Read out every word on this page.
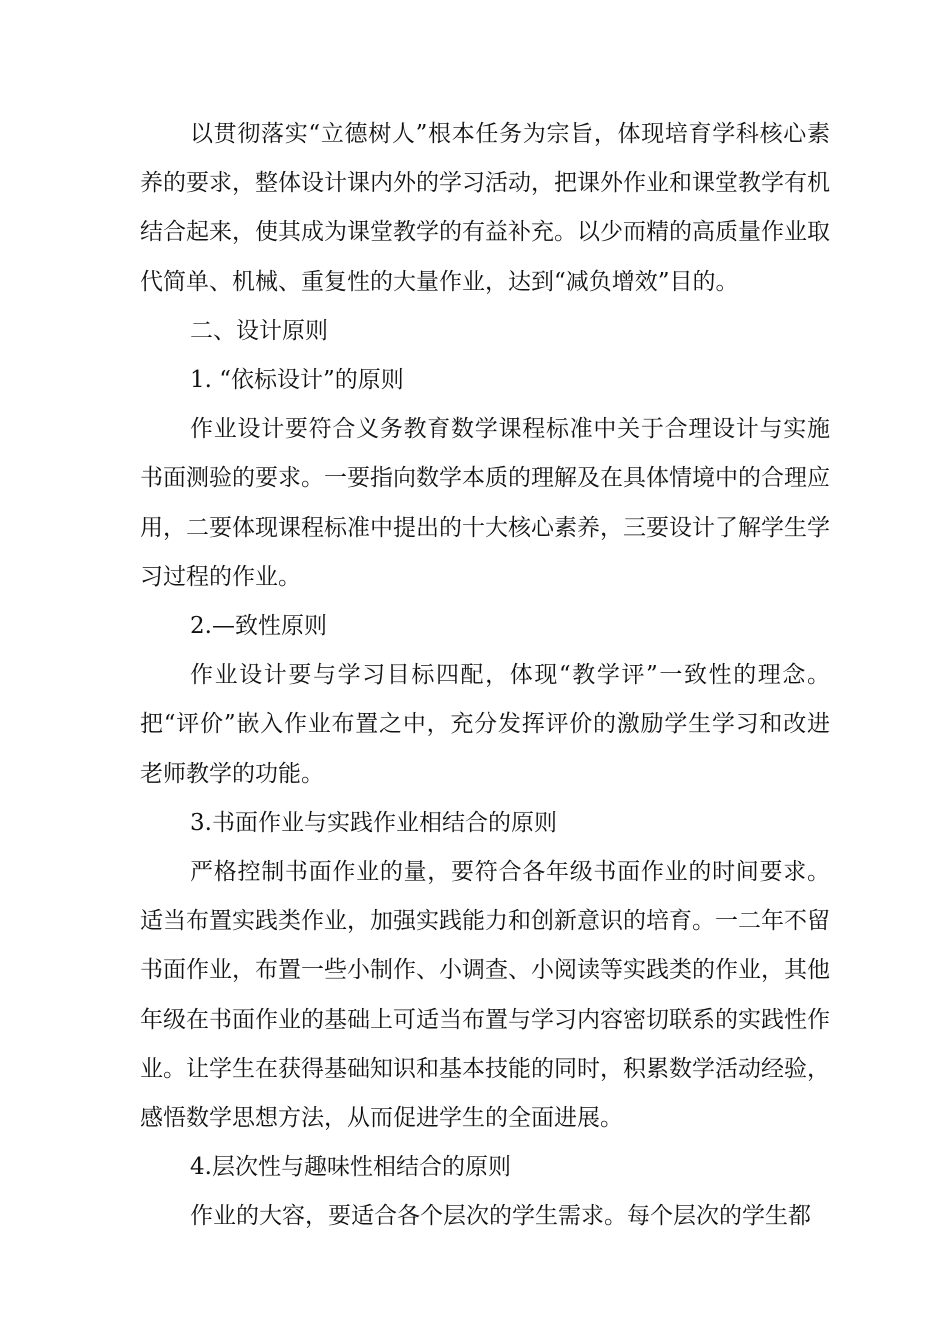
以贯彻落实“立德树人”根本任务为宗旨，体现培育学科核心素养的要求，整体设计课内外的学习活动，把课外作业和课堂教学有机结合起来，使其成为课堂教学的有益补充。以少而精的高质量作业取代简单、机械、重复性的大量作业，达到“减负增效”目的。

二、设计原则

1. “依标设计”的原则

作业设计要符合义务教育数学课程标准中关于合理设计与实施书面测验的要求。一要指向数学本质的理解及在具体情境中的合理应用，二要体现课程标准中提出的十大核心素养，三要设计了解学生学习过程的作业。

2.—致性原则

作业设计要与学习目标四配，体现“教学评”一致性的理念。把“评价”嵌入作业布置之中，充分发挥评价的激励学生学习和改进老师教学的功能。

3.书面作业与实践作业相结合的原则

严格控制书面作业的量，要符合各年级书面作业的时间要求。适当布置实践类作业，加强实践能力和创新意识的培育。一二年不留书面作业，布置一些小制作、小调查、小阅读等实践类的作业，其他年级在书面作业的基础上可适当布置与学习内容密切联系的实践性作业。让学生在获得基础知识和基本技能的同时，积累数学活动经验，感悟数学思想方法，从而促进学生的全面进展。

4.层次性与趣味性相结合的原则

作业的大容，要适合各个层次的学生需求。每个层次的学生都
